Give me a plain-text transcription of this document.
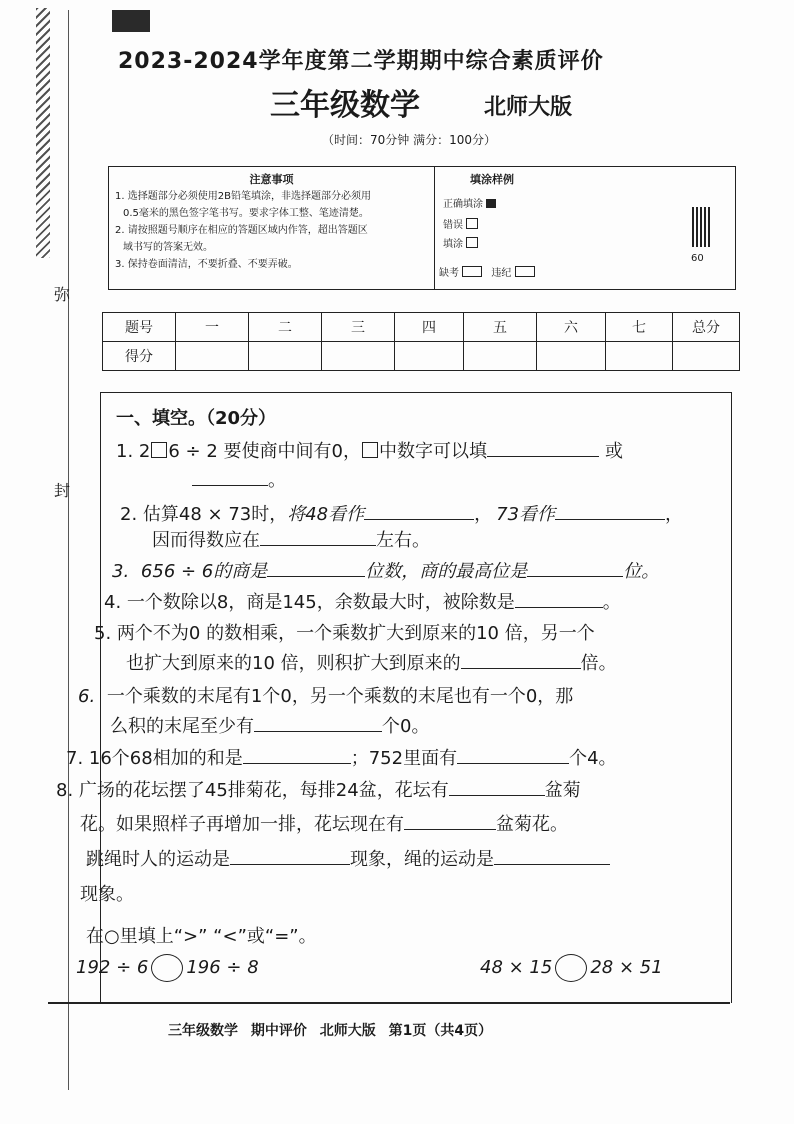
弥
封
2023-2024学年度第二学期期中综合素质评价
三年级数学	北师大版
（时间：70分钟 满分：100分）
注意事项
1. 选择题部分必须使用2B铅笔填涂，非选择题部分必须用
0.5毫米的黑色签字笔书写。要求字体工整、笔迹清楚。
2. 请按照题号顺序在相应的答题区域内作答，超出答题区
域书写的答案无效。
3. 保持卷面清洁，不要折叠、不要弄破。
填涂样例
正确填涂
错误
填涂
缺考	违纪
60
题号	一	二	三	四	五	六	七	总分
得分								
一、填空。（20分）
1. 2 6 ÷ 2 要使商中间有0， 中数字可以填	或
。
2. 估算48 × 73时，将48看作	， 73看作	，
因而得数应在	左右。
3. 656 ÷ 6的商是	位数，商的最高位是	位。
4. 一个数除以8，商是145，余数最大时，被除数是	。
5. 两个不为0 的数相乘，一个乘数扩大到原来的10 倍，另一个
也扩大到原来的10 倍，则积扩大到原来的	倍。
6. 一个乘数的末尾有1个0，另一个乘数的末尾也有一个0，那
么积的末尾至少有	个0。
7. 16个68相加的和是	；752里面有	个4。
8. 广场的花坛摆了45排菊花，每排24盆，花坛有	盆菊
花。如果照样子再增加一排，花坛现在有	盆菊花。
跳绳时人的运动是	现象，绳的运动是
现象。
在○里填上“>” “<”或“=”。
192 ÷ 6 196 ÷ 8	48 × 15 28 × 51
三年级数学 期中评价 北师大版 第1页（共4页）
